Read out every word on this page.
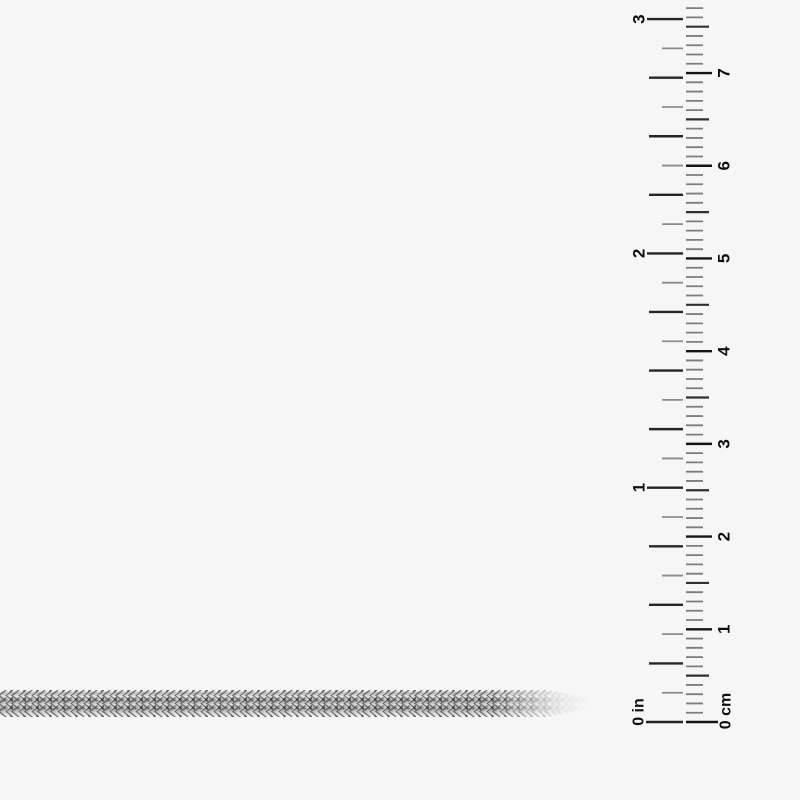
0 in
1
2
3
0 cm
1
2
3
4
5
6
7
